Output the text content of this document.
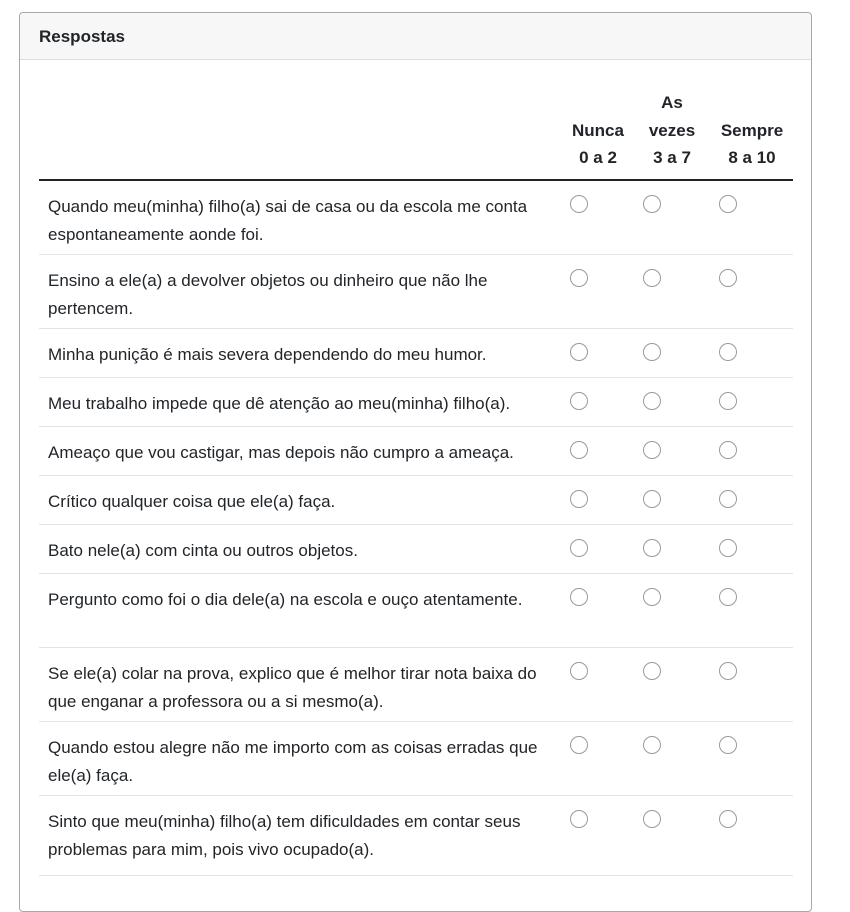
Respostas

Nunca
0 a 2
As
vezes
3 a 7

Sempre
8 a 10
Quando meu(minha) filho(a) sai de casa ou da escola me conta espontaneamente aonde foi.
Ensino a ele(a) a devolver objetos ou dinheiro que não lhe pertencem.
Minha punição é mais severa dependendo do meu humor.
Meu trabalho impede que dê atenção ao meu(minha) filho(a).
Ameaço que vou castigar, mas depois não cumpro a ameaça.
Crítico qualquer coisa que ele(a) faça.
Bato nele(a) com cinta ou outros objetos.
Pergunto como foi o dia dele(a) na escola e ouço atentamente.
Se ele(a) colar na prova, explico que é melhor tirar nota baixa do que enganar a professora ou a si mesmo(a).
Quando estou alegre não me importo com as coisas erradas que ele(a) faça.
Sinto que meu(minha) filho(a) tem dificuldades em contar seus problemas para mim, pois vivo ocupado(a).
